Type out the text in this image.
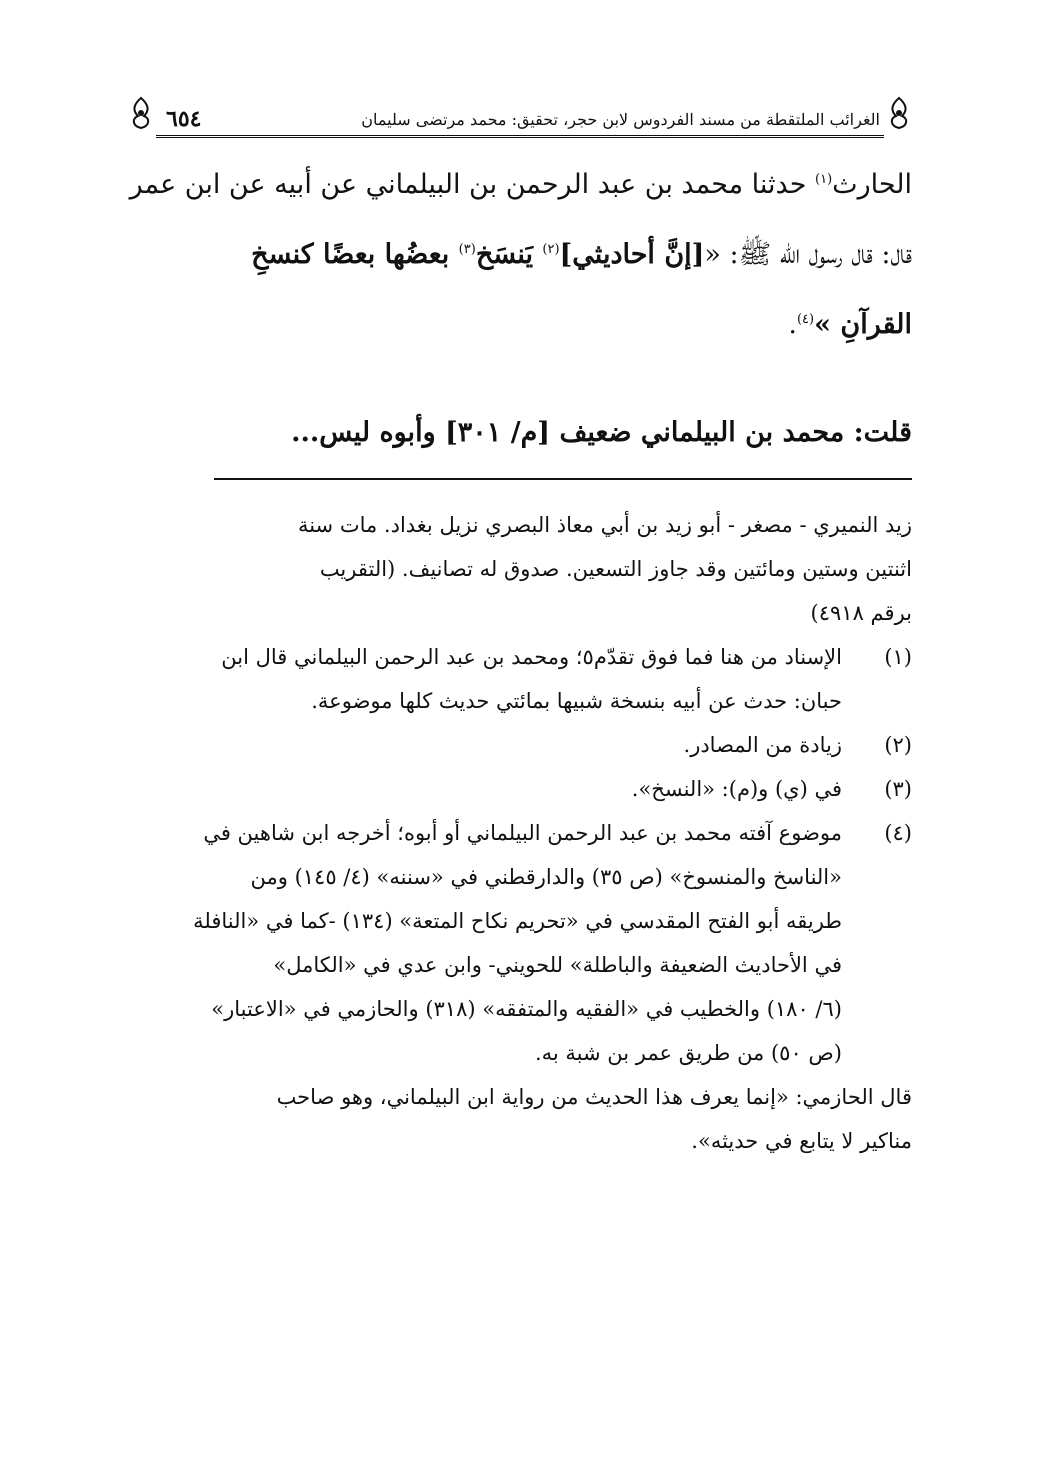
الغرائب الملتقطة من مسند الفردوس لابن حجر، تحقيق: محمد مرتضى سليمان
٦٥٤
الحارث$^{(١)}$ حدثنا محمد بن عبد الرحمن بن البيلماني عن أبيه عن ابن عمر
قال: قال رسول الله ﷺ: «[إنَّ أحاديثي]$^{(٢)}$ يَنسَخ$^{(٣)}$ بعضُها بعضًا كنسخِ
القرآنِ »$^{(٤)}$.
قلت: محمد بن البيلماني ضعيف [م/ ٣٠١] وأبوه ليس...

زيد النميري - مصغر - أبو زيد بن أبي معاذ البصري نزيل بغداد. مات سنة

اثنتين وستين ومائتين وقد جاوز التسعين. صدوق له تصانيف. (التقريب

برقم ٤٩١٨)

(١)

الإسناد من هنا فما فوق تقدّم٥؛ ومحمد بن عبد الرحمن البيلماني قال ابن

حبان: حدث عن أبيه بنسخة شبيها بمائتي حديث كلها موضوعة.

(٢)

زيادة من المصادر.

(٣)

في (ي) و(م): «النسخ».

(٤)

موضوع آفته محمد بن عبد الرحمن البيلماني أو أبوه؛ أخرجه ابن شاهين في

«الناسخ والمنسوخ» (ص ٣٥) والدارقطني في «سننه» (٤/ ١٤٥) ومن

طريقه أبو الفتح المقدسي في «تحريم نكاح المتعة» (١٣٤) -كما في «النافلة

في الأحاديث الضعيفة والباطلة» للحويني- وابن عدي في «الكامل»

(٦/ ١٨٠) والخطيب في «الفقيه والمتفقه» (٣١٨) والحازمي في «الاعتبار»

(ص ٥٠) من طريق عمر بن شبة به.

قال الحازمي: «إنما يعرف هذا الحديث من رواية ابن البيلماني، وهو صاحب

مناكير لا يتابع في حديثه».
